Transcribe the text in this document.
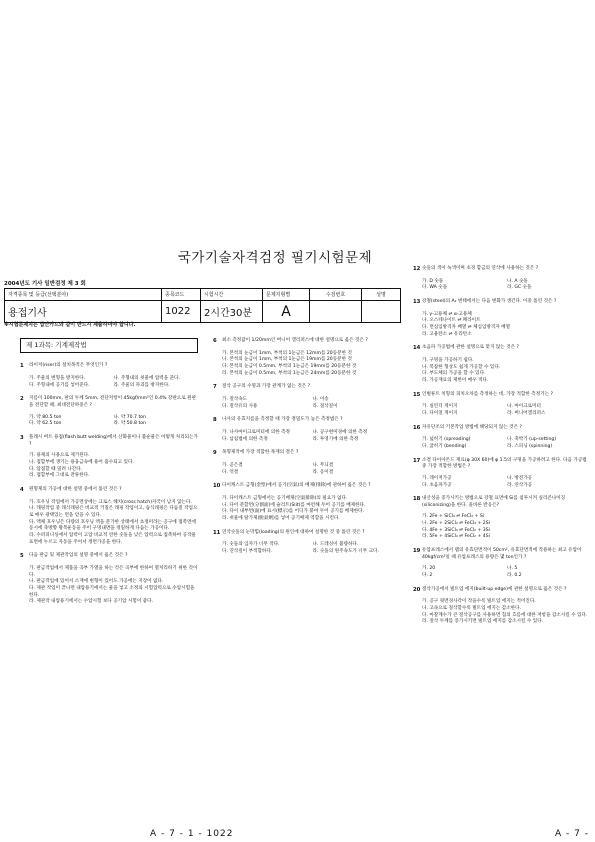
국가기술자격검정 필기시험문제
2004년도 기사 일반검정 제 3 회
자격종목 및 등급(선택분야)	종목코드	시험시간	문제지형별	수검번호	성명
용접기사	1022	2시간30분	A		
※시험문제지는 답안카드와 같이 반드시 제출하여야 합니다.
제 1과목: 기계제작법
1	라이저(riser)의 설치목적은 무엇인가 ?
가. 주물의 변형을 방지한다.	나. 주형내의 쇳물에 압력을 준다.
다. 주형내에 공기를 넣어준다.	라. 주물의 파괴를 방지한다.
2	지름이 100mm, 판의 두께 5mm, 전단저항이 45kgf/mm²인 0.4% 강판으로 원판을 전단할 때, 최대전단하중은 ?
가. 약 80.5 ton	나. 약 70.7 ton
다. 약 62.5 ton	라. 약 50.8 ton
3	플래시 버트 용접(flash butt welding)에서 산화물이나 불순물은 어떻게 처리되는가 ?
가. 용제의 사용으로 제거된다.
나. 접합부에 생기는 용융금속에 용어 흡수되고 있다.
다. 압접할 때 밀려 나간다.
라. 접합부에 그대로 잔류한다.
4	원형제의 가공에 대한 설명 중에서 틀린 것은 ?
가. 호우닝 작업에서 가공면상에는 크로스 해치(cross hatch)자국이 남지 않는다.
나. 래핑작업 중 래식래핑은 비교적 거칠은 래핑 작업이고, 습식래핑은 다듬질 작업으로 매우 광택있는 면을 얻을 수 있다.
다. 액체 호우닝은 다량의 호우닝 액을 분가한 상태에서 초정미라는 공구에 접촉면에 동시에 축방향 왕복운동을 주어 구멍내면을 정밀하게 다듬는 가공이다.
라. 수퍼피니싱에서 압력이 고압 비교적 연한 숫돌을 낮은 압력으로 접촉하여 공작물 표면에 누르고 자동을 주어서 정면가공을 한다.
5	다음 판금 및 제관작업의 설명 중에서 옳은 것은 ?
가. 판금작업에서 제품을 곡부 가열을 하는 것은 곡부에 한하여 열처리하기 위한 것이다.
나. 판금작업에 있어서 소재에 변형이 있어도 가공에는 지장이 없다.
다. 제관 작업이 끝나면 내압용기에서는 물을 넣고 소정의 시험압력으로 수압시험을 한다.
라. 제관작 내압용기에서는 수압시험 보다 공기압 시험이 좋다.
6	최소 측정값이 1/20mm인 버니어 캘리퍼스에 대한 설명으로 옳은 것은 ?
가. 본척의 눈금이 1mm, 부척의 1눈금은 12mm를 20등분한 것
나. 본척의 눈금이 1mm, 부척의 1눈금은 19mm를 20등분한 것
다. 본척의 눈금이 0.5mm, 부척의 1눈금은 19mm를 20등분한 것
라. 본척의 눈금이 0.5mm, 부척의 1눈금은 24mm를 20등분한 것
7	절삭 공구의 수명과 가장 관계가 없는 것은 ?
가. 절삭속도	나. 이송
다. 절삭유의 사용	라. 절삭깊이
8	나사의 유효지름을 측정할 때 가장 정밀도가 높은 측정법은 ?
가. 나사마이크로미터에 의한 측정	나. 공구현미경에 의한 측정
다. 삼침법에 의한 측정	라. 투영기에 의한 측정
9	목형제작에 가장 적합한 목재의 결은 ?
가. 곧은결	나. 무늬결
다. 엇결	라. 옹이결
10 다이캐스트 금형(金型)에서 공기(空氣)의 배제(排除)에 관하여 옳은 것은 ?
가. 다이캐스트 금형에서는 공기배제(空氣排除)의 필요가 없다.
나. 다이 분할면(分割面)에 슬리트(Slit)를 마련해 두어 공기를 배제한다.
다. 다이 내부면(面)에 표시(標示)를 어디가 붙여 두어 공기를 배제한다.
라. 쇳물에 탈가제(脫氣劑)를 넣어 공기배제 역할을 시킨다.
11 연삭숫돌의 눈막힘(loading)의 원인에 대하여 설명한 것 중 틀린 것은 ?
가. 숫돌의 입자가 너무 작다.	나. 드레싱이 불량하다.
다. 연삭깊이 부적합하다.	라. 숫돌의 원주속도가 너무 크다.
12 숫돌의 색이 녹색이며 초경 합금의 연삭에 사용하는 것은 ?
가. D 숫돌	나. A 숫돌
다. WA 숫돌	라. GC 숫돌
13 강철(steel)의 A₁ 변태에서는 다음 변화가 생긴다. 이중 틀린 것은 ?
가. γ-고용체 ⇌ α-고용체
나. 오스테나이트 ⇌ 페라이트
다. 면심입방격자 배열 ⇌ 체심입방격자 배열
라. 고용탄소 ⇌ 유리탄소
14 초음파 가공법에 관한 설명으로 맞지 않는 것은 ?
가. 구멍을 가공하기 쉽다.
나. 복잡한 형상도 쉽게 가공할 수 있다.
다. 부도체의 가공을 할 수 있다.
라. 가공재료의 제한이 매우 적다.
15 인벌류트 치형의 피치오차를 측정하는 데, 가장 적합한 측정기는 ?
가. 실린더 게이지	나. 마이크로미터
다. 다이얼 게이지	라. 버니어캘리퍼스
16 자유단조의 기본작업 방법에 해당되지 않는 것은 ?
가. 넓히기 (spreading)	나. 축박기 (up-setting)
다. 굽히기 (bending)	라. 스피닝 (spinning)
17 소결 다이아몬드 재료(φ 30X 60)에 φ 1.5의 구멍을 가공하려고 한다. 다음 가공법 중 가장 적합한 방법은 ?
가. 레이저가공	나. 방전가공
다. 초음파가공	라. 연삭가공
18 내산성을 증가시키는 방법으로 강철 표면에 Si를 침투시켜 실리콘나이징(siliconizing)을 한다. 올바른 반응은?
가. 2Fe + SiCl₄ ⇌ FeCl₂ + Si
나. 2Fe + 2SiCl₄ ⇌ FeCl₃ + 2Si
다. 4Fe + 3SiCl₄ ⇌ FeCl₂ + 3Si
라. 5Fe + 4SiCl₄ ⇌ FeCl₂ + 4Si
19 유압프레스에서 램의 유효단면적이 50cm², 유효단면적에 작용하는 최고 유압이 40kgf/cm²일 때 유압프레스의 용량은 몇 ton인가 ?
가. 20	나. 5
다. 2	라. 0.2
20 절삭가공에서 빌트업 에지(built-up edge)에 관한 설명으로 옳은 것은 ?
가. 공구 윗면경사각이 작을수록 빌트업 에지는 적어진다.
나. 고속으로 절삭할수록 빌트업 에지는 감소한다.
다. 마찰계수가 큰 절삭공구를 사용하면 칩의 흐름에 대한 저항을 감소시킬 수 있다.
라. 절삭 두께를 증가시키면 빌트업 에지를 감소시킬 수 있다.
A - 7 - 1 - 1022	A - 7 -
